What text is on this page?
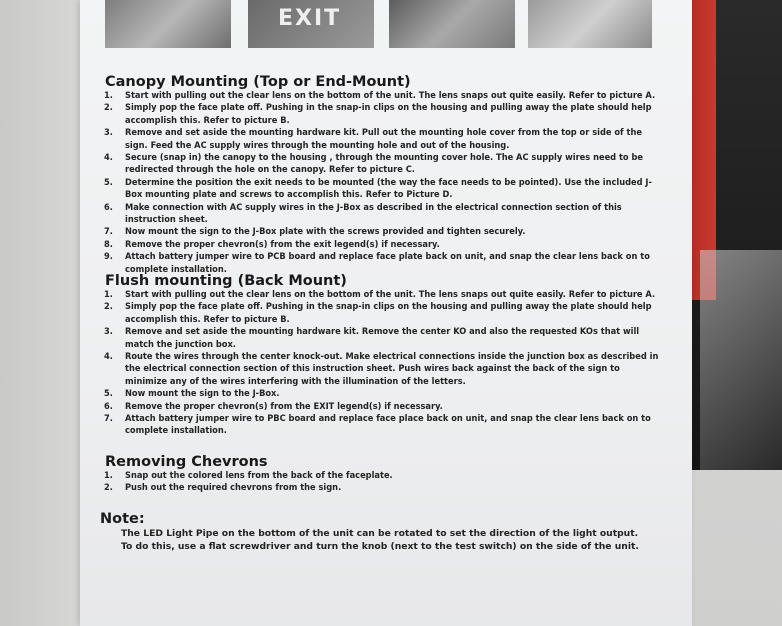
EXIT
Canopy Mounting (Top or End-Mount)
1. Start with pulling out the clear lens on the bottom of the unit. The lens snaps out quite easily. Refer to picture A.
2. Simply pop the face plate off. Pushing in the snap-in clips on the housing and pulling away the plate should help accomplish this. Refer to picture B.
3. Remove and set aside the mounting hardware kit. Pull out the mounting hole cover from the top or side of the sign. Feed the AC supply wires through the mounting hole and out of the housing.
4. Secure (snap in) the canopy to the housing , through the mounting cover hole. The AC supply wires need to be redirected through the hole on the canopy. Refer to picture C.
5. Determine the position the exit needs to be mounted (the way the face needs to be pointed). Use the included J-Box mounting plate and screws to accomplish this. Refer to Picture D.
6. Make connection with AC supply wires in the J-Box as described in the electrical connection section of this instruction sheet.
7. Now mount the sign to the J-Box plate with the screws provided and tighten securely.
8. Remove the proper chevron(s) from the exit legend(s) if necessary.
9. Attach battery jumper wire to PCB board and replace face plate back on unit, and snap the clear lens back on to complete installation.
Flush mounting (Back Mount)
1. Start with pulling out the clear lens on the bottom of the unit. The lens snaps out quite easily. Refer to picture A.
2. Simply pop the face plate off. Pushing in the snap-in clips on the housing and pulling away the plate should help accomplish this. Refer to picture B.
3. Remove and set aside the mounting hardware kit. Remove the center KO and also the requested KOs that will match the junction box.
4. Route the wires through the center knock-out. Make electrical connections inside the junction box as described in the electrical connection section of this instruction sheet. Push wires back against the back of the sign to minimize any of the wires interfering with the illumination of the letters.
5. Now mount the sign to the J-Box.
6. Remove the proper chevron(s) from the EXIT legend(s) if necessary.
7. Attach battery jumper wire to PBC board and replace face place back on unit, and snap the clear lens back on to complete installation.
Removing Chevrons
1. Snap out the colored lens from the back of the faceplate.
2. Push out the required chevrons from the sign.
Note:
The LED Light Pipe on the bottom of the unit can be rotated to set the direction of the light output. To do this, use a flat screwdriver and turn the knob (next to the test switch) on the side of the unit.
